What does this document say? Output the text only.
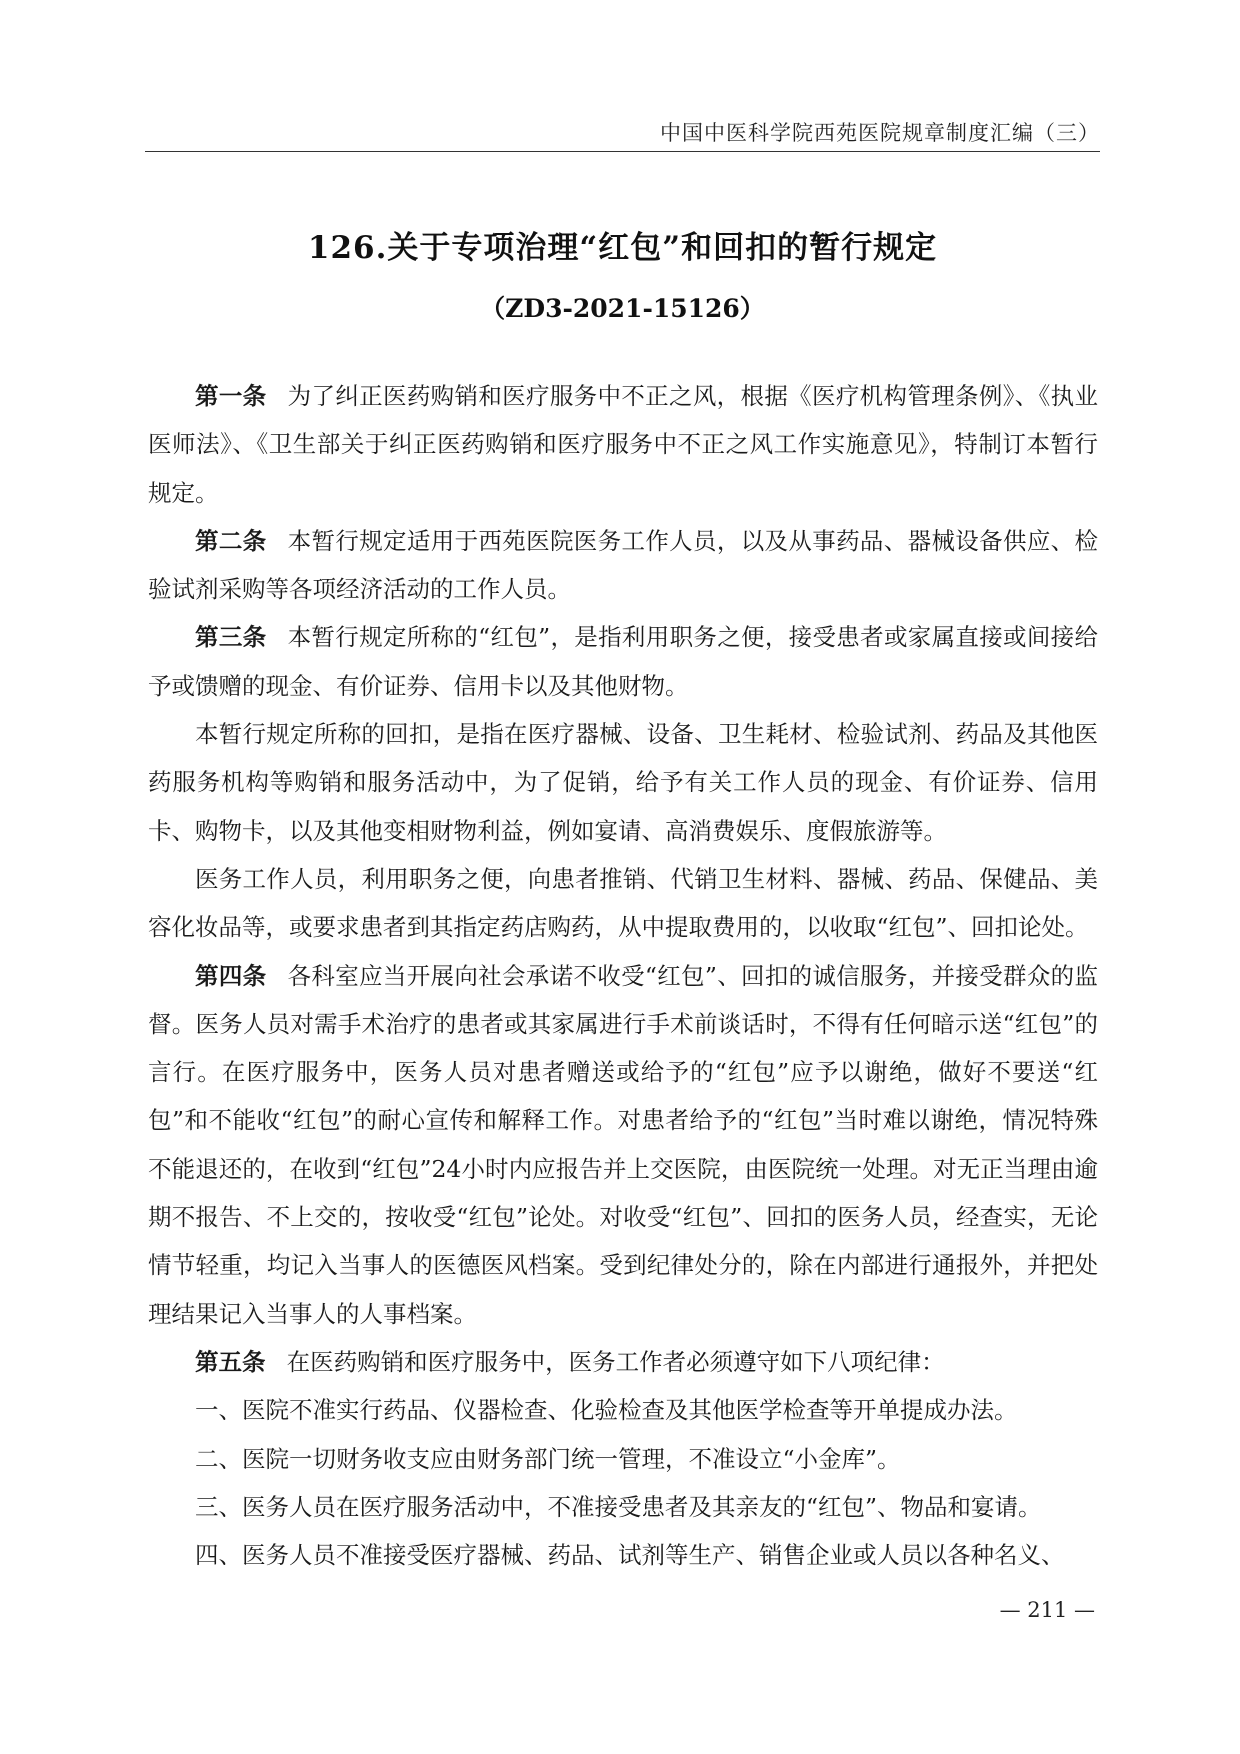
中国中医科学院西苑医院规章制度汇编（三）
126.关于专项治理“红包”和回扣的暂行规定
（ZD3-2021-15126）

第一条 为了纠正医药购销和医疗服务中不正之风，根据《医疗机构管理条例》、《执业医师法》、《卫生部关于纠正医药购销和医疗服务中不正之风工作实施意见》，特制订本暂行规定。

第二条 本暂行规定适用于西苑医院医务工作人员，以及从事药品、器械设备供应、检验试剂采购等各项经济活动的工作人员。

第三条 本暂行规定所称的“红包”，是指利用职务之便，接受患者或家属直接或间接给予或馈赠的现金、有价证券、信用卡以及其他财物。

本暂行规定所称的回扣，是指在医疗器械、设备、卫生耗材、检验试剂、药品及其他医药服务机构等购销和服务活动中，为了促销，给予有关工作人员的现金、有价证券、信用卡、购物卡，以及其他变相财物利益，例如宴请、高消费娱乐、度假旅游等。

医务工作人员，利用职务之便，向患者推销、代销卫生材料、器械、药品、保健品、美容化妆品等，或要求患者到其指定药店购药，从中提取费用的，以收取“红包”、回扣论处。

第四条 各科室应当开展向社会承诺不收受“红包”、回扣的诚信服务，并接受群众的监督。医务人员对需手术治疗的患者或其家属进行手术前谈话时，不得有任何暗示送“红包”的言行。在医疗服务中，医务人员对患者赠送或给予的“红包”应予以谢绝，做好不要送“红包”和不能收“红包”的耐心宣传和解释工作。对患者给予的“红包”当时难以谢绝，情况特殊不能退还的，在收到“红包”24小时内应报告并上交医院，由医院统一处理。对无正当理由逾期不报告、不上交的，按收受“红包”论处。对收受“红包”、回扣的医务人员，经查实，无论情节轻重，均记入当事人的医德医风档案。受到纪律处分的，除在内部进行通报外，并把处理结果记入当事人的人事档案。

第五条 在医药购销和医疗服务中，医务工作者必须遵守如下八项纪律：

一、医院不准实行药品、仪器检查、化验检查及其他医学检查等开单提成办法。

二、医院一切财务收支应由财务部门统一管理，不准设立“小金库”。

三、医务人员在医疗服务活动中，不准接受患者及其亲友的“红包”、物品和宴请。

四、医务人员不准接受医疗器械、药品、试剂等生产、销售企业或人员以各种名义、

— 211 —
